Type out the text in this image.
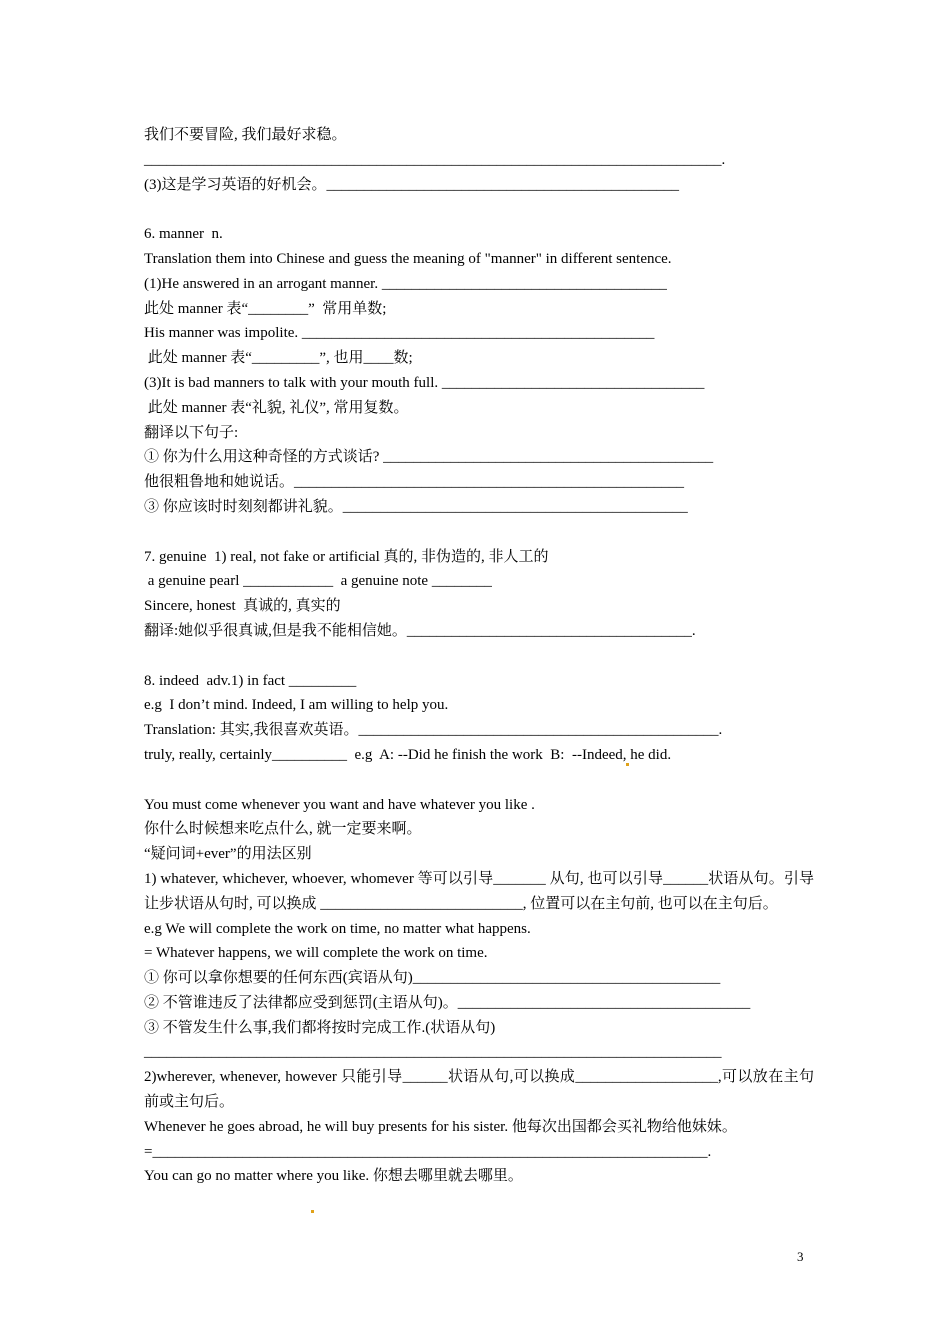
我们不要冒险, 我们最好求稳。
_____________________________________________________________________________.
(3)这是学习英语的好机会。_______________________________________________
6. manner  n.
Translation them into Chinese and guess the meaning of "manner" in different sentence.
(1)He answered in an arrogant manner. ______________________________________
此处 manner 表“________”  常用单数;
His manner was impolite. _______________________________________________
此处 manner 表“_________”, 也用____数;
(3)It is bad manners to talk with your mouth full. ___________________________________
此处 manner 表“礼貌, 礼仪”, 常用复数。
翻译以下句子:
① 你为什么用这种奇怪的方式谈话? ____________________________________________
他很粗鲁地和她说话。____________________________________________________
③ 你应该时时刻刻都讲礼貌。______________________________________________
7. genuine  1) real, not fake or artificial 真的, 非伪造的, 非人工的
a genuine pearl ____________  a genuine note ________
Sincere, honest  真诚的, 真实的
翻译:她似乎很真诚,但是我不能相信她。______________________________________.
8. indeed  adv.1) in fact _________
e.g  I don’t mind. Indeed, I am willing to help you.
Translation: 其实,我很喜欢英语。________________________________________________.
truly, really, certainly__________  e.g  A: --Did he finish the work  B:  --Indeed, he did.
You must come whenever you want and have whatever you like .
你什么时候想来吃点什么, 就一定要来啊。
“疑问词+ever”的用法区别
1) whatever, whichever, whoever, whomever 等可以引导_______ 从句, 也可以引导______状语从句。引导让步状语从句时, 可以换成 ___________________________, 位置可以在主句前, 也可以在主句后。
e.g We will complete the work on time, no matter what happens.
= Whatever happens, we will complete the work on time.
① 你可以拿你想要的任何东西(宾语从句)_________________________________________
② 不管谁违反了法律都应受到惩罚(主语从句)。_______________________________________
③ 不管发生什么事,我们都将按时完成工作.(状语从句)
_____________________________________________________________________________
2)wherever, whenever, however 只能引导______状语从句,可以换成___________________,可以放在主句前或主句后。
Whenever he goes abroad, he will buy presents for his sister. 他每次出国都会买礼物给他妹妹。
=__________________________________________________________________________.
You can go no matter where you like. 你想去哪里就去哪里。
3
